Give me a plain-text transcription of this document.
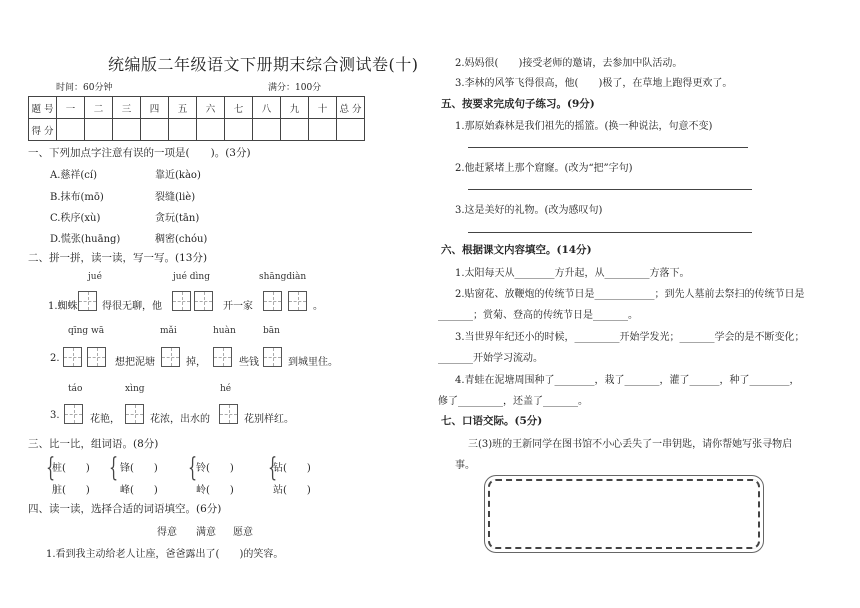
统编版二年级语文下册期末综合测试卷(十)
时间：60分钟	满分：100分
题 号	一	二	三	四	五	六	七	八	九	十	总 分
得 分											
一、下列加点字注意有误的一项是(　　)。(3分)
A.慈祥(cí)	靠近(kào)
B.抹布(mō)	裂缝(liè)
C.秩序(xù)	贪玩(tān)
D.慌张(huāng)	稠密(chóu)
二、拼一拼，读一读，写一写。(13分)
jué	jué dìng	shāngdiàn
1.蜘蛛 得很无聊，他	开一家	。
qīng wā	mǎi	huàn	bān
2.	想把泥塘	掉，	些钱	到城里住。
táo	xìng	hé
3.	花艳，	花浓，出水的	花别样红。
三、比一比，组词语。(8分)
{ {	{	{
桩(　　)	锋(　　)	铃(　　)	钻(　　)
脏(　　)	峰(　　)	岭(　　)	站(　　)
四、读一读，选择合适的词语填空。(6分)
得意 满意 愿意
1.看到我主动给老人让座，爸爸露出了(　　)的笑容。
2.妈妈很(　　)接受老师的邀请，去参加中队活动。
3.李林的风筝飞得很高，他(　　)极了，在草地上跑得更欢了。
五、按要求完成句子练习。(9分)
1.那原始森林是我们祖先的摇篮。(换一种说法，句意不变)
2.他赶紧堵上那个窟窿。(改为“把”字句)
3.这是美好的礼物。(改为感叹句)
六、根据课文内容填空。(14分)
1.太阳每天从________方升起，从_________方落下。
2.贴窗花、放鞭炮的传统节日是____________；到先人墓前去祭扫的传统节日是
_______；赏菊、登高的传统节日是_______。
3.当世界年纪还小的时候，_________开始学发光；_______学会的是不断变化；
_______开始学习流动。
4.青蛙在泥塘周围种了________，栽了_______，灌了______，种了________，
修了_________，还盖了_______。
七、口语交际。(5分)
三(3)班的王新同学在图书馆不小心丢失了一串钥匙，请你帮她写张寻物启
事。
